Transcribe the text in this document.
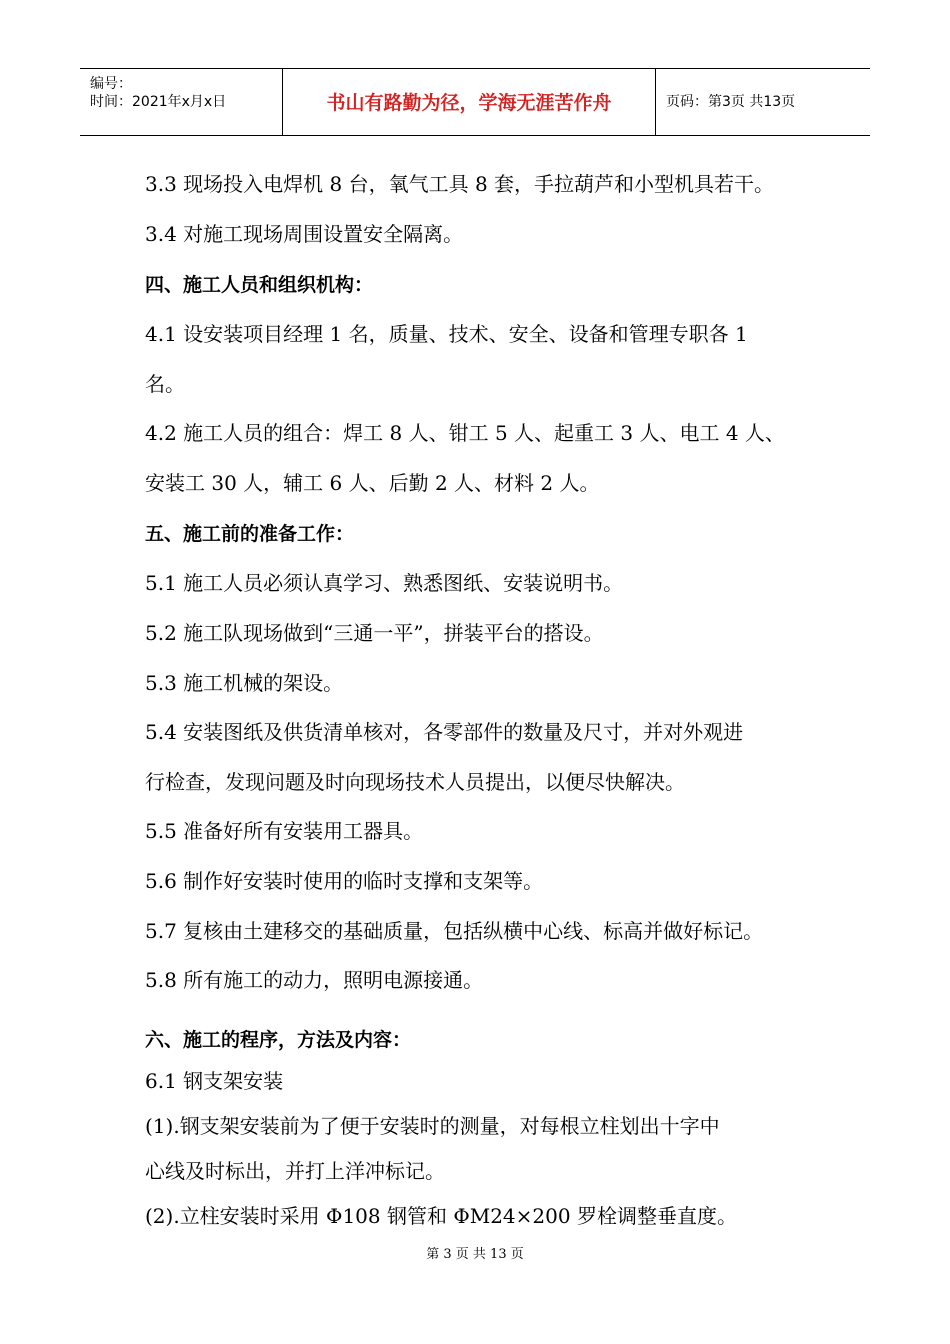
编号：
时间：2021年x月x日	书山有路勤为径，学海无涯苦作舟	页码：第3页 共13页
3.3 现场投入电焊机 8 台，氧气工具 8 套，手拉葫芦和小型机具若干。
3.4 对施工现场周围设置安全隔离。
四、施工人员和组织机构：
4.1 设安装项目经理 1 名，质量、技术、安全、设备和管理专职各 1
名。
4.2 施工人员的组合：焊工 8 人、钳工 5 人、起重工 3 人、电工 4 人、
安装工 30 人，辅工 6 人、后勤 2 人、材料 2 人。
五、施工前的准备工作：
5.1 施工人员必须认真学习、熟悉图纸、安装说明书。
5.2 施工队现场做到“三通一平”，拼装平台的搭设。
5.3 施工机械的架设。
5.4 安装图纸及供货清单核对，各零部件的数量及尺寸，并对外观进
行检查，发现问题及时向现场技术人员提出，以便尽快解决。
5.5 准备好所有安装用工器具。
5.6 制作好安装时使用的临时支撑和支架等。
5.7 复核由土建移交的基础质量，包括纵横中心线、标高并做好标记。
5.8 所有施工的动力，照明电源接通。
六、施工的程序，方法及内容：
6.1 钢支架安装
(1).钢支架安装前为了便于安装时的测量，对每根立柱划出十字中
心线及时标出，并打上洋冲标记。
(2).立柱安装时采用 Φ108 钢管和 ΦM24×200 罗栓调整垂直度。
第 3 页 共 13 页
